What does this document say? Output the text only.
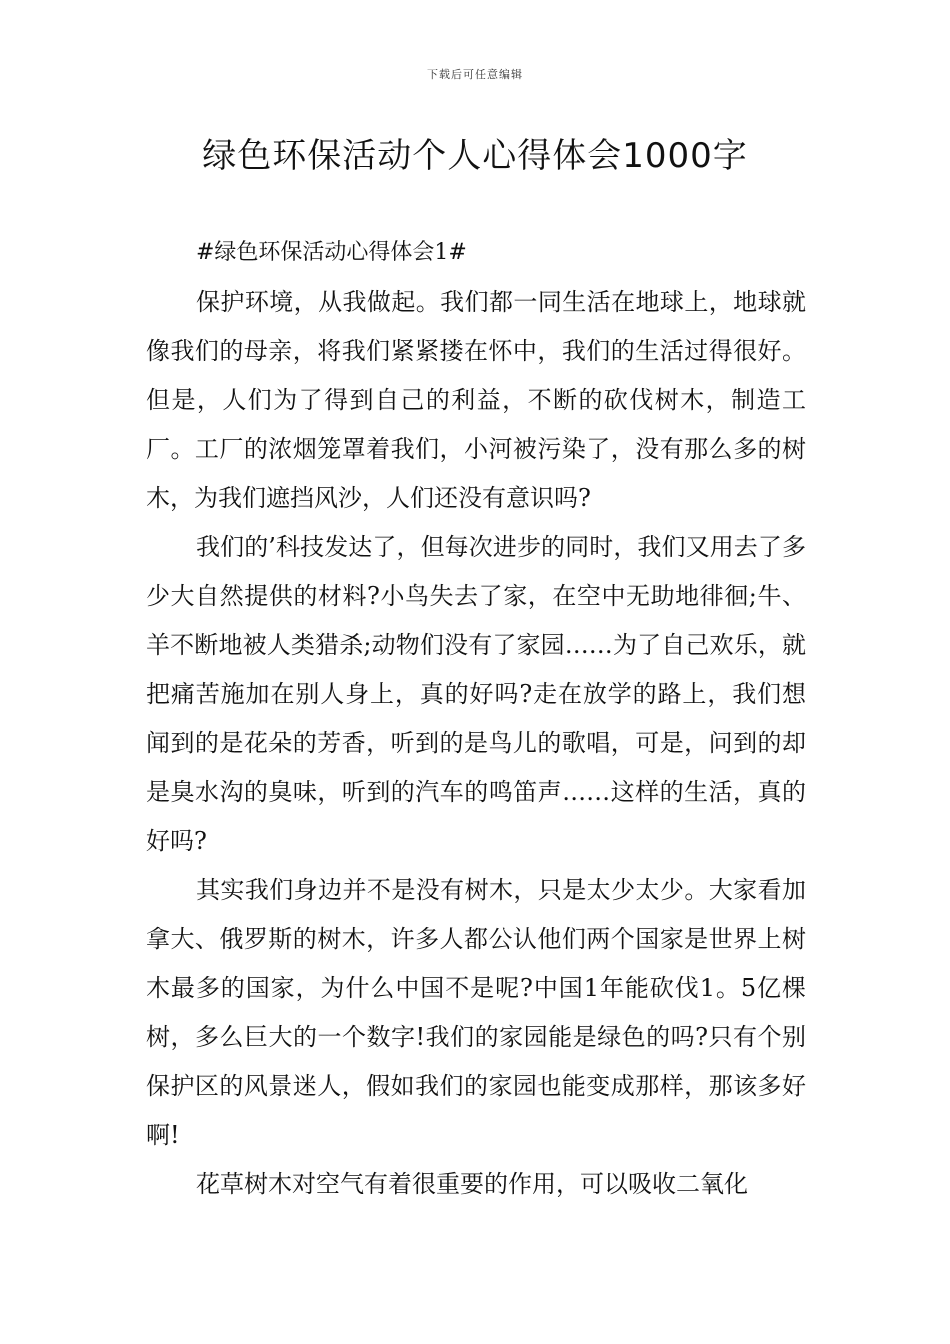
下载后可任意编辑
绿色环保活动个人心得体会1000字

#绿色环保活动心得体会1#

保护环境，从我做起。我们都一同生活在地球上，地球就像我们的母亲，将我们紧紧搂在怀中，我们的生活过得很好。但是，人们为了得到自己的利益，不断的砍伐树木，制造工厂。工厂的浓烟笼罩着我们，小河被污染了，没有那么多的树木，为我们遮挡风沙，人们还没有意识吗?

我们的’科技发达了，但每次进步的同时，我们又用去了多少大自然提供的材料?小鸟失去了家，在空中无助地徘徊;牛、羊不断地被人类猎杀;动物们没有了家园……为了自己欢乐，就把痛苦施加在别人身上，真的好吗?走在放学的路上，我们想闻到的是花朵的芳香，听到的是鸟儿的歌唱，可是，问到的却是臭水沟的臭味，听到的汽车的鸣笛声……这样的生活，真的好吗?

其实我们身边并不是没有树木，只是太少太少。大家看加拿大、俄罗斯的树木，许多人都公认他们两个国家是世界上树木最多的国家，为什么中国不是呢?中国1年能砍伐1。5亿棵树，多么巨大的一个数字!我们的家园能是绿色的吗?只有个别保护区的风景迷人，假如我们的家园也能变成那样，那该多好啊!

花草树木对空气有着很重要的作用，可以吸收二氧化
